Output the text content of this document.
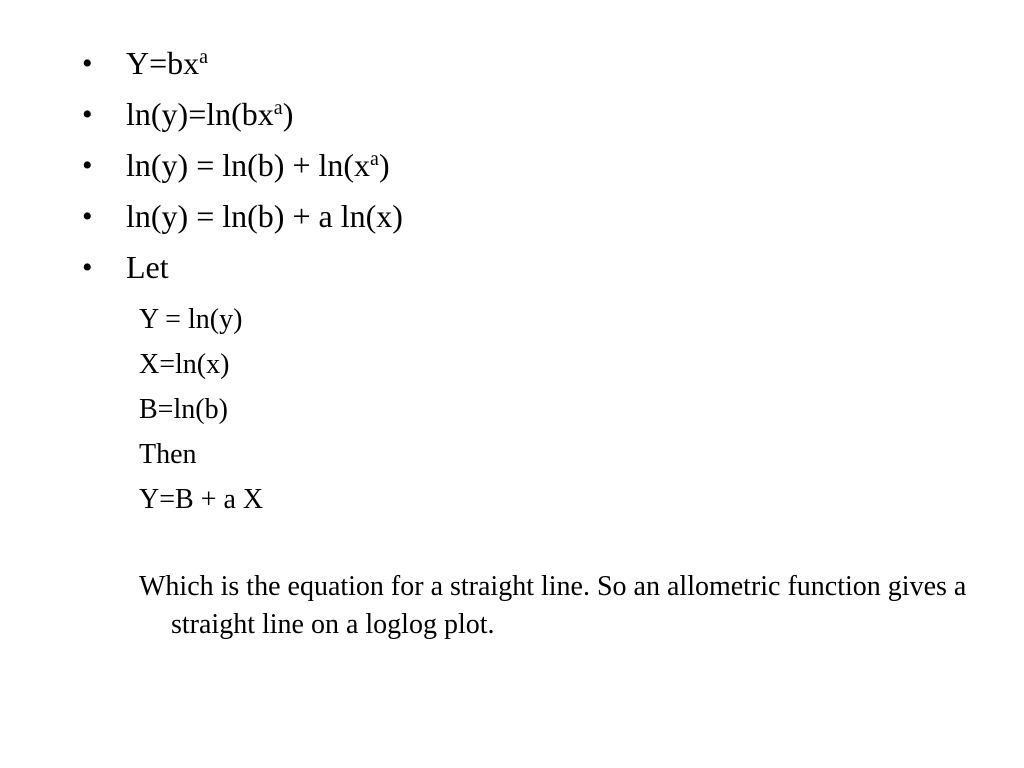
• $Y=bx^a$
• $\ln(y)=\ln(bx^a)$
• $\ln(y) = \ln(b) + \ln(x^a)$
• ln(y) = ln(b) + a ln(x)
• Let
Y = ln(y)
X=ln(x)
B=ln(b)
Then
Y=B + a X
Which is the equation for a straight line. So an allometric function gives a straight line on a loglog plot.
